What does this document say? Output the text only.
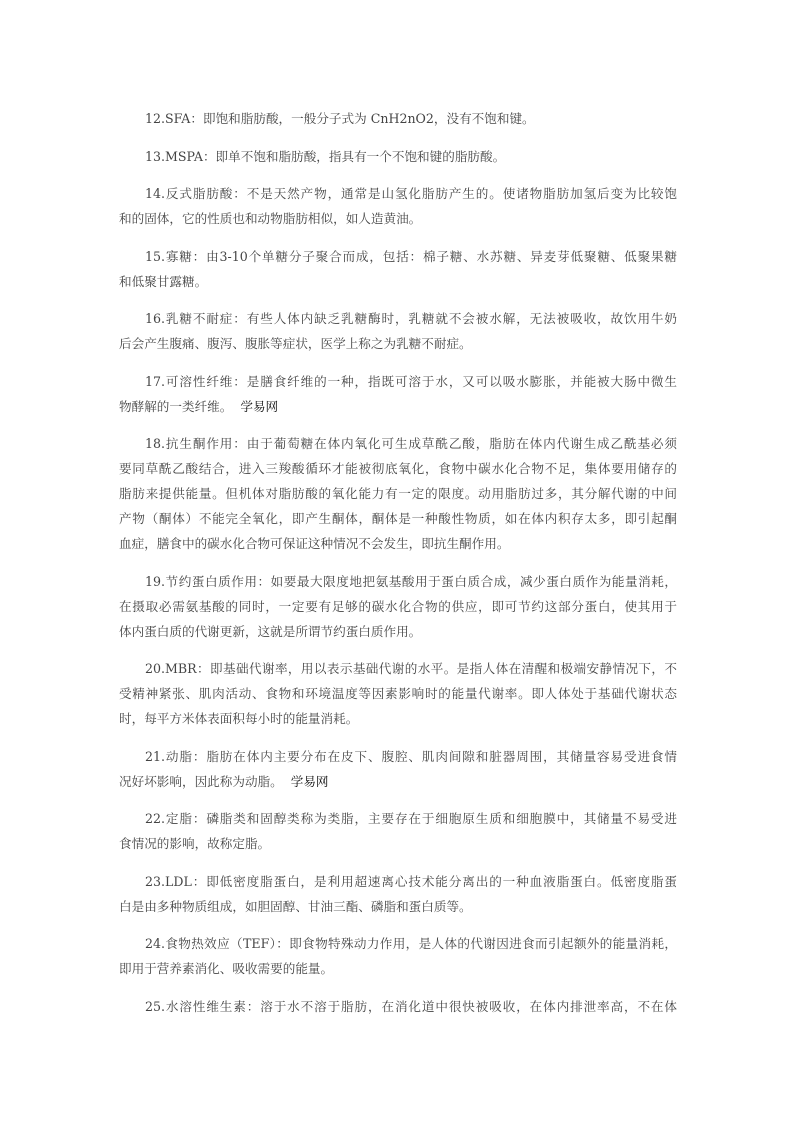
12.SFA：即饱和脂肪酸，一般分子式为 CnH2nO2，没有不饱和键。
13.MSPA：即单不饱和脂肪酸，指具有一个不饱和键的脂肪酸。
14.反式脂肪酸：不是天然产物，通常是山氢化脂肪产生的。使诸物脂肪加氢后变为比较饱
和的固体，它的性质也和动物脂肪相似，如人造黄油。
15.寡糖：由3-10个单糖分子聚合而成，包括：棉子糖、水苏糖、异麦芽低聚糖、低聚果糖
和低聚甘露糖。
16.乳糖不耐症：有些人体内缺乏乳糖酶时，乳糖就不会被水解，无法被吸收，故饮用牛奶
后会产生腹痛、腹泻、腹胀等症状，医学上称之为乳糖不耐症。
17.可溶性纤维：是膳食纤维的一种，指既可溶于水，又可以吸水膨胀，并能被大肠中微生
物酵解的一类纤维。 学易网
18.抗生酮作用：由于葡萄糖在体内氧化可生成草酰乙酸，脂肪在体内代谢生成乙酰基必须
要同草酰乙酸结合，进入三羧酸循环才能被彻底氧化，食物中碳水化合物不足，集体要用储存的
脂肪来提供能量。但机体对脂肪酸的氧化能力有一定的限度。动用脂肪过多，其分解代谢的中间
产物（酮体）不能完全氧化，即产生酮体，酮体是一种酸性物质，如在体内积存太多，即引起酮
血症，膳食中的碳水化合物可保证这种情况不会发生，即抗生酮作用。
19.节约蛋白质作用：如要最大限度地把氨基酸用于蛋白质合成，减少蛋白质作为能量消耗，
在摄取必需氨基酸的同时，一定要有足够的碳水化合物的供应，即可节约这部分蛋白，使其用于
体内蛋白质的代谢更新，这就是所谓节约蛋白质作用。
20.MBR：即基础代谢率，用以表示基础代谢的水平。是指人体在清醒和极端安静情况下，不
受精神紧张、肌肉活动、食物和环境温度等因素影响时的能量代谢率。即人体处于基础代谢状态
时，每平方米体表面积每小时的能量消耗。
21.动脂：脂肪在体内主要分布在皮下、腹腔、肌肉间隙和脏器周围，其储量容易受进食情
况好坏影响，因此称为动脂。 学易网
22.定脂：磷脂类和固醇类称为类脂，主要存在于细胞原生质和细胞膜中，其储量不易受进
食情况的影响，故称定脂。
23.LDL：即低密度脂蛋白，是利用超速离心技术能分离出的一种血液脂蛋白。低密度脂蛋
白是由多种物质组成，如胆固醇、甘油三酯、磷脂和蛋白质等。
24.食物热效应（TEF）：即食物特殊动力作用，是人体的代谢因进食而引起额外的能量消耗，
即用于营养素消化、吸收需要的能量。
25.水溶性维生素：溶于水不溶于脂肪，在消化道中很快被吸收，在体内排泄率高，不在体
